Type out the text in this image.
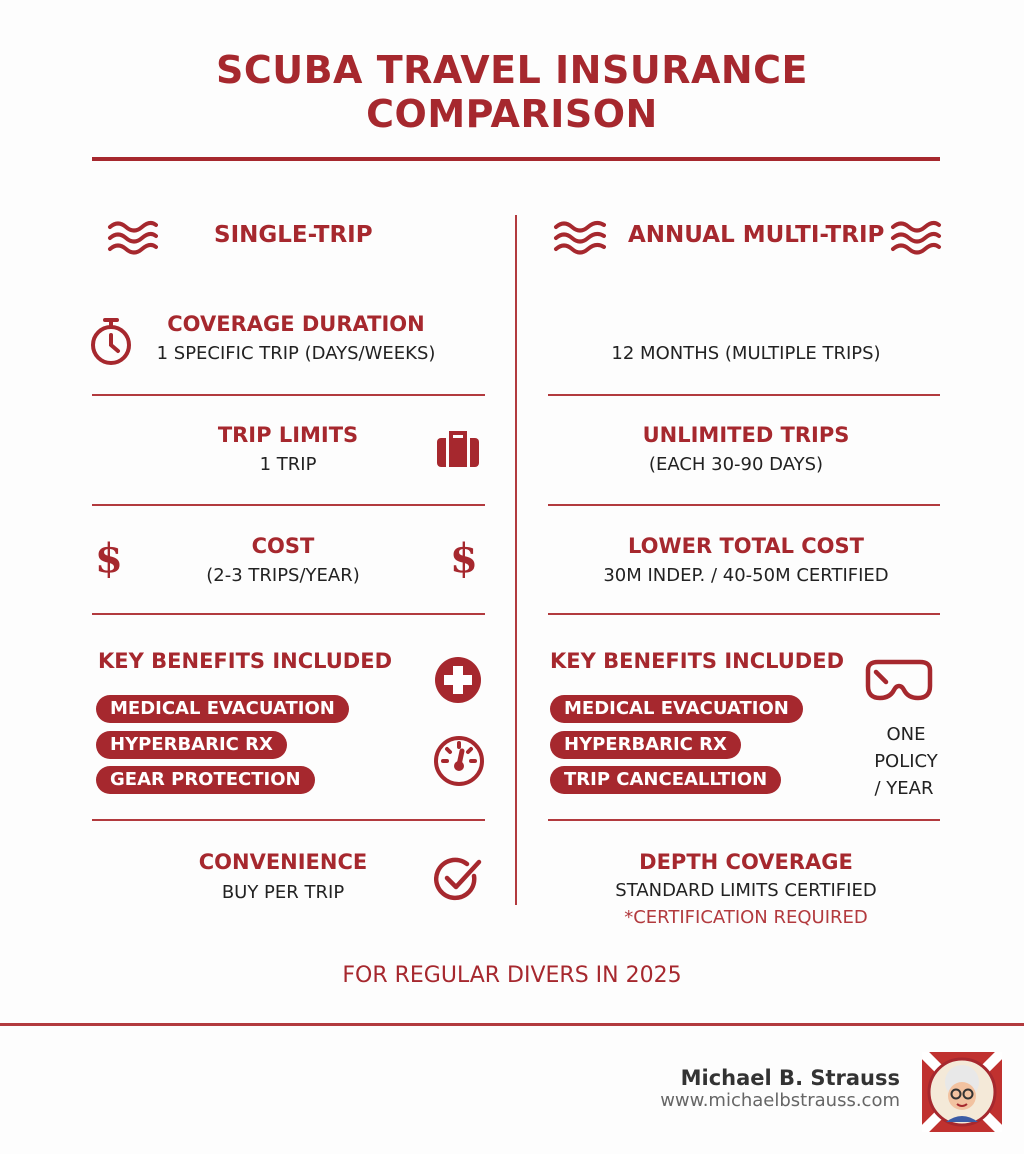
SCUBA TRAVEL INSURANCE
COMPARISON
SINGLE-TRIP
COVERAGE DURATION
1 SPECIFIC TRIP (DAYS/WEEKS)
TRIP LIMITS
1 TRIP
$	COST
(2-3 TRIPS/YEAR)	$
KEY BENEFITS INCLUDED
MEDICAL EVACUATION
HYPERBARIC RX
GEAR PROTECTION
CONVENIENCE
BUY PER TRIP
ANNUAL MULTI-TRIP
12 MONTHS (MULTIPLE TRIPS)
UNLIMITED TRIPS
(EACH 30-90 DAYS)
LOWER TOTAL COST
30M INDEP. / 40-50M CERTIFIED
KEY BENEFITS INCLUDED
MEDICAL EVACUATION
HYPERBARIC RX
TRIP CANCEALLTION
ONE
POLICY
/ YEAR
DEPTH COVERAGE
STANDARD LIMITS CERTIFIED
*CERTIFICATION REQUIRED
FOR REGULAR DIVERS IN 2025
Michael B. Strauss
www.michaelbstrauss.com
